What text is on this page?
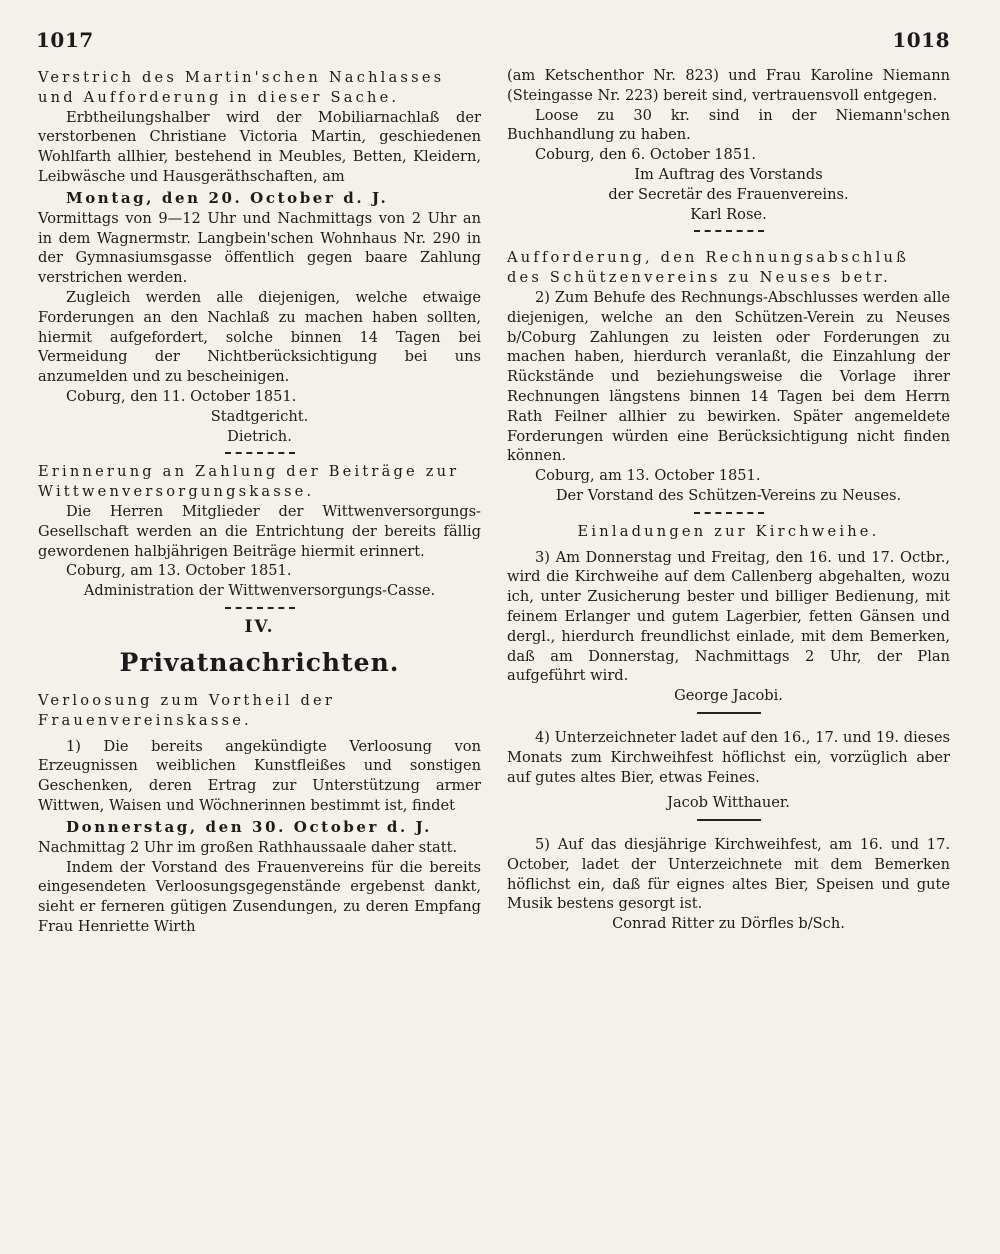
1017	1018

Verstrich des Martin'schen Nachlasses und Aufforderung in dieser Sache.

Erbtheilungshalber wird der Mobiliarnachlaß der verstorbenen Christiane Victoria Martin, geschiedenen Wohlfarth allhier, bestehend in Meubles, Betten, Kleidern, Leibwäsche und Hausgeräthschaften, am

Montag, den 20. October d. J.

Vormittags von 9—12 Uhr und Nachmittags von 2 Uhr an in dem Wagnermstr. Langbein'schen Wohnhaus Nr. 290 in der Gymnasiumsgasse öffentlich gegen baare Zahlung verstrichen werden.

Zugleich werden alle diejenigen, welche etwaige Forderungen an den Nachlaß zu machen haben sollten, hiermit aufgefordert, solche binnen 14 Tagen bei Vermeidung der Nichtberücksichtigung bei uns anzumelden und zu bescheinigen.

Coburg, den 11. October 1851.

Stadtgericht.

Dietrich.

Erinnerung an Zahlung der Beiträge zur Wittwenversorgungskasse.

Die Herren Mitglieder der Wittwenversorgungs-Gesellschaft werden an die Entrichtung der bereits fällig gewordenen halbjährigen Beiträge hiermit erinnert.

Coburg, am 13. October 1851.

Administration der Wittwenversorgungs-Casse.

IV.
Privatnachrichten.

Verloosung zum Vortheil der Frauenvereinskasse.

1) Die bereits angekündigte Verloosung von Erzeugnissen weiblichen Kunstfleißes und sonstigen Geschenken, deren Ertrag zur Unterstützung armer Wittwen, Waisen und Wöchnerinnen bestimmt ist, findet

Donnerstag, den 30. October d. J.

Nachmittag 2 Uhr im großen Rathhaussaale daher statt.

Indem der Vorstand des Frauenvereins für die bereits eingesendeten Verloosungsgegenstände ergebenst dankt, sieht er ferneren gütigen Zusendungen, zu deren Empfang Frau Henriette Wirth

(am Ketschenthor Nr. 823) und Frau Karoline Niemann (Steingasse Nr. 223) bereit sind, vertrauensvoll entgegen.

Loose zu 30 kr. sind in der Niemann'schen Buchhandlung zu haben.

Coburg, den 6. October 1851.

Im Auftrag des Vorstands

der Secretär des Frauenvereins.

Karl Rose.

Aufforderung, den Rechnungsabschluß des Schützenvereins zu Neuses betr.

2) Zum Behufe des Rechnungs-Abschlusses werden alle diejenigen, welche an den Schützen-Verein zu Neuses b/Coburg Zahlungen zu leisten oder Forderungen zu machen haben, hierdurch veranlaßt, die Einzahlung der Rückstände und beziehungsweise die Vorlage ihrer Rechnungen längstens binnen 14 Tagen bei dem Herrn Rath Feilner allhier zu bewirken. Später angemeldete Forderungen würden eine Berücksichtigung nicht finden können.

Coburg, am 13. October 1851.

Der Vorstand des Schützen-Vereins zu Neuses.

Einladungen zur Kirchweihe.

3) Am Donnerstag und Freitag, den 16. und 17. Octbr., wird die Kirchweihe auf dem Callenberg abgehalten, wozu ich, unter Zusicherung bester und billiger Bedienung, mit feinem Erlanger und gutem Lagerbier, fetten Gänsen und dergl., hierdurch freundlichst einlade, mit dem Bemerken, daß am Donnerstag, Nachmittags 2 Uhr, der Plan aufgeführt wird.

George Jacobi.

4) Unterzeichneter ladet auf den 16., 17. und 19. dieses Monats zum Kirchweihfest höflichst ein, vorzüglich aber auf gutes altes Bier, etwas Feines.

Jacob Witthauer.

5) Auf das diesjährige Kirchweihfest, am 16. und 17. October, ladet der Unterzeichnete mit dem Bemerken höflichst ein, daß für eignes altes Bier, Speisen und gute Musik bestens gesorgt ist.

Conrad Ritter zu Dörfles b/Sch.
